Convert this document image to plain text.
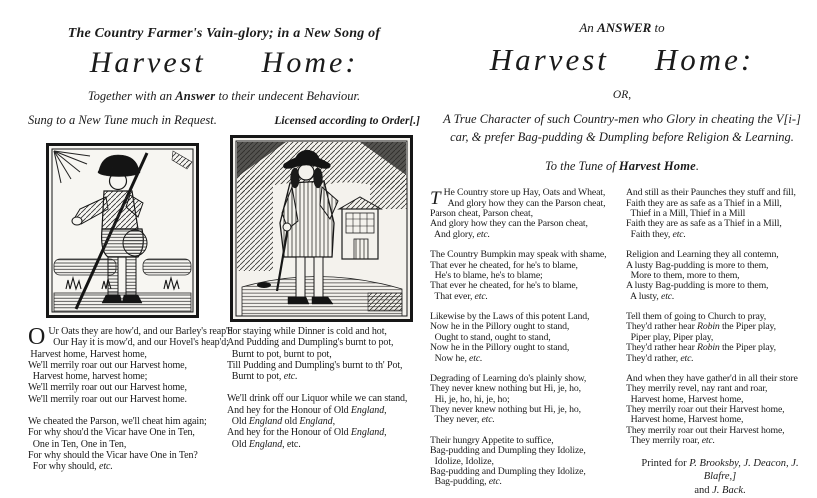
The Country Farmer's Vain-glory; in a New Song of
Harvest Home:
Together with an Answer to their undecent Behaviour.
Sung to a New Tune much in Request.	Licensed according to Order[.]
O Ur Oats they are how'd, and our Barley's reap'd
Our Hay it is mow'd, and our Hovel's heap'd;
Harvest home, Harvest home,
We'll merrily roar out our Harvest home,
Harvest home, harvest home;
We'll merrily roar out our Harvest home,
We'll merrily roar out our Harvest home.
We cheated the Parson, we'll cheat him again;
For why shou'd the Vicar have One in Ten,
One in Ten, One in Ten,
For why should the Vicar have One in Ten?
For why should, etc.
For staying while Dinner is cold and hot,
And Pudding and Dumpling's burnt to pot,
Burnt to pot, burnt to pot,
Till Pudding and Dumpling's burnt to th' Pot,
Burnt to pot, etc.
We'll drink off our Liquor while we can stand,
And hey for the Honour of Old England,
Old England old England,
And hey for the Honour of Old England,
Old England, etc.
An ANSWER to
Harvest Home:
OR,
A True Character of such Country-men who Glory in cheating the V[i-]
car, & prefer Bag-pudding & Dumpling before Religion & Learning.
To the Tune of Harvest Home.
T He Country store up Hay, Oats and Wheat,
And glory how they can the Parson cheat,
Parson cheat, Parson cheat,
And glory how they can the Parson cheat,
And glory, etc.
The Country Bumpkin may speak with shame,
That ever he cheated, for he's to blame,
He's to blame, he's to blame;
That ever he cheated, for he's to blame,
That ever, etc.
Likewise by the Laws of this potent Land,
Now he in the Pillory ought to stand,
Ought to stand, ought to stand,
Now he in the Pillory ought to stand,
Now he, etc.
Degrading of Learning do's plainly show,
They never knew nothing but Hi, je, ho,
Hi, je, ho, hi, je, ho;
They never knew nothing but Hi, je, ho,
They never, etc.
Their hungry Appetite to suffice,
Bag-pudding and Dumpling they Idolize,
Idolize, Idolize,
Bag-pudding and Dumpling they Idolize,
Bag-pudding, etc.
And still as their Paunches they stuff and fill,
Faith they are as safe as a Thief in a Mill,
Thief in a Mill, Thief in a Mill
Faith they are as safe as a Thief in a Mill,
Faith they, etc.
Religion and Learning they all contemn,
A lusty Bag-pudding is more to them,
More to them, more to them,
A lusty Bag-pudding is more to them,
A lusty, etc.
Tell them of going to Church to pray,
They'd rather hear Robin the Piper play,
Piper play, Piper play,
They'd rather hear Robin the Piper play,
They'd rather, etc.
And when they have gather'd in all their store
They merrily revel, nay rant and roar,
Harvest home, Harvest home,
They merrily roar out their Harvest home,
Harvest home, Harvest home,
They merrily roar out their Harvest home,
They merrily roar, etc.
Printed for P. Brooksby, J. Deacon, J. Blafre,]
and J. Back.
